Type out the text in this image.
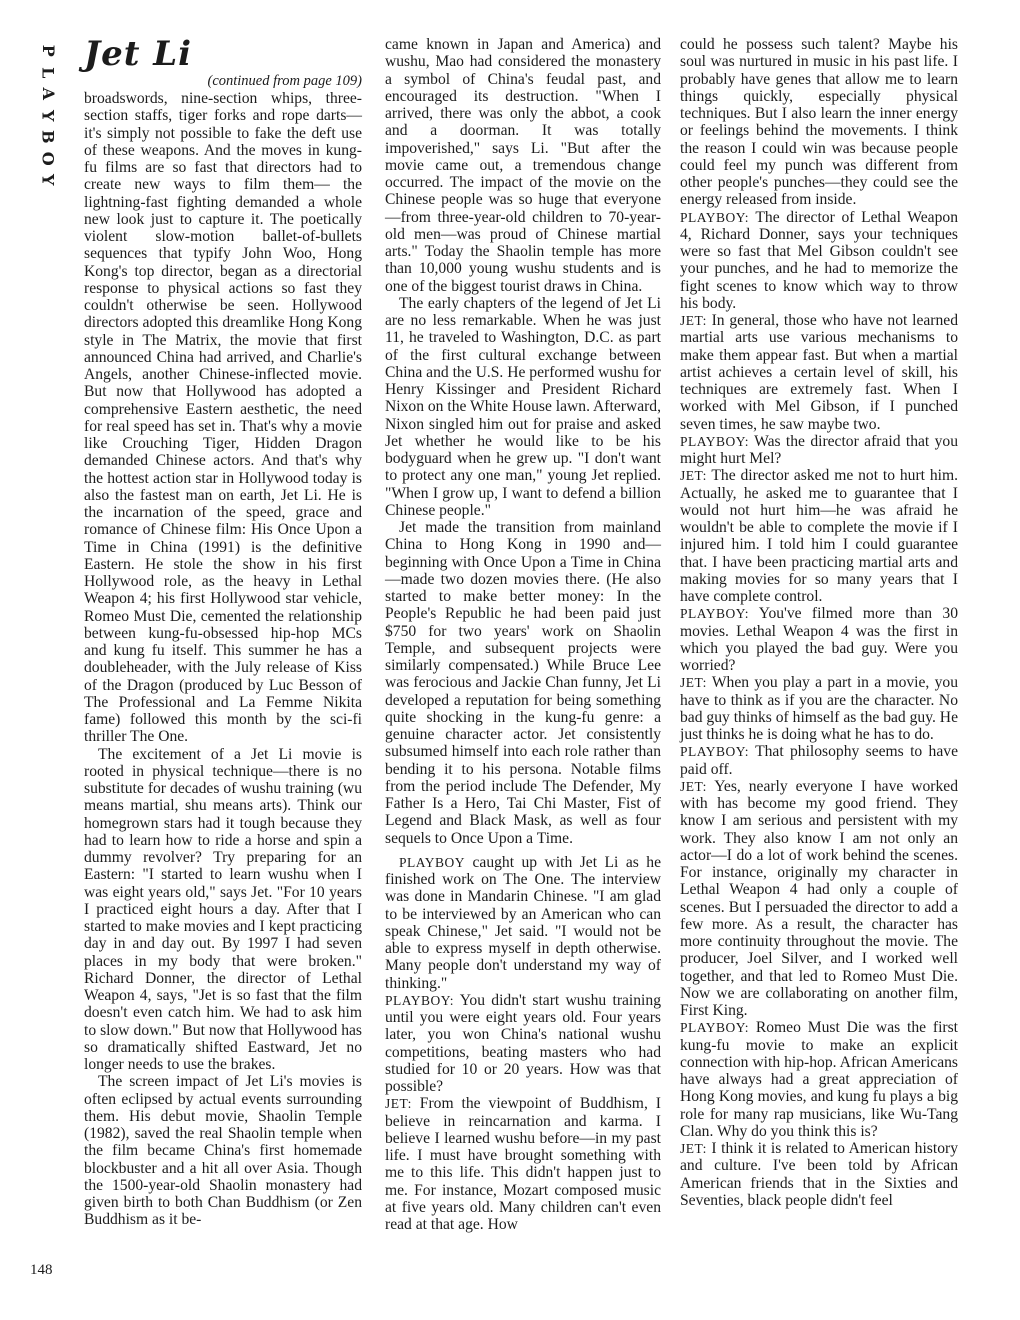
P
L
A
Y
B
O
Y
148
Jet Li
(continued from page 109)

broadswords, nine-section whips, three-section staffs, tiger forks and rope darts— it's simply not possible to fake the deft use of these weapons. And the moves in kung-fu films are so fast that directors had to create new ways to film them— the lightning-fast fighting demanded a whole new look just to capture it. The poetically violent slow-motion ballet-of-bullets sequences that typify John Woo, Hong Kong's top director, began as a directorial response to physical actions so fast they couldn't otherwise be seen. Hollywood directors adopted this dreamlike Hong Kong style in The Matrix, the movie that first announced China had arrived, and Charlie's Angels, another Chinese-inflected movie. But now that Hollywood has adopted a comprehensive Eastern aesthetic, the need for real speed has set in. That's why a movie like Crouching Tiger, Hidden Dragon demanded Chinese actors. And that's why the hottest action star in Hollywood today is also the fastest man on earth, Jet Li. He is the incarnation of the speed, grace and romance of Chinese film: His Once Upon a Time in China (1991) is the definitive Eastern. He stole the show in his first Hollywood role, as the heavy in Lethal Weapon 4; his first Hollywood star vehicle, Romeo Must Die, cemented the relationship between kung-fu-obsessed hip-hop MCs and kung fu itself. This summer he has a doubleheader, with the July release of Kiss of the Dragon (produced by Luc Besson of The Professional and La Femme Nikita fame) followed this month by the sci-fi thriller The One.

The excitement of a Jet Li movie is rooted in physical technique—there is no substitute for decades of wushu training (wu means martial, shu means arts). Think our homegrown stars had it tough because they had to learn how to ride a horse and spin a dummy revolver? Try preparing for an Eastern: "I started to learn wushu when I was eight years old," says Jet. "For 10 years I practiced eight hours a day. After that I started to make movies and I kept practicing day in and day out. By 1997 I had seven places in my body that were broken." Richard Donner, the director of Lethal Weapon 4, says, "Jet is so fast that the film doesn't even catch him. We had to ask him to slow down." But now that Hollywood has so dramatically shifted Eastward, Jet no longer needs to use the brakes.

The screen impact of Jet Li's movies is often eclipsed by actual events surrounding them. His debut movie, Shaolin Temple (1982), saved the real Shaolin temple when the film became China's first homemade blockbuster and a hit all over Asia. Though the 1500-year-old Shaolin monastery had given birth to both Chan Buddhism (or Zen Buddhism as it be-

came known in Japan and America) and wushu, Mao had considered the monastery a symbol of China's feudal past, and encouraged its destruction. "When I arrived, there was only the abbot, a cook and a doorman. It was totally impoverished," says Li. "But after the movie came out, a tremendous change occurred. The impact of the movie on the Chinese people was so huge that everyone—from three-year-old children to 70-year-old men—was proud of Chinese martial arts." Today the Shaolin temple has more than 10,000 young wushu students and is one of the biggest tourist draws in China.

The early chapters of the legend of Jet Li are no less remarkable. When he was just 11, he traveled to Washington, D.C. as part of the first cultural exchange between China and the U.S. He performed wushu for Henry Kissinger and President Richard Nixon on the White House lawn. Afterward, Nixon singled him out for praise and asked Jet whether he would like to be his bodyguard when he grew up. "I don't want to protect any one man," young Jet replied. "When I grow up, I want to defend a billion Chinese people."

Jet made the transition from mainland China to Hong Kong in 1990 and—beginning with Once Upon a Time in China—made two dozen movies there. (He also started to make better money: In the People's Republic he had been paid just $750 for two years' work on Shaolin Temple, and subsequent projects were similarly compensated.) While Bruce Lee was ferocious and Jackie Chan funny, Jet Li developed a reputation for being something quite shocking in the kung-fu genre: a genuine character actor. Jet consistently subsumed himself into each role rather than bending it to his persona. Notable films from the period include The Defender, My Father Is a Hero, Tai Chi Master, Fist of Legend and Black Mask, as well as four sequels to Once Upon a Time.

PLAYBOY caught up with Jet Li as he finished work on The One. The interview was done in Mandarin Chinese. "I am glad to be interviewed by an American who can speak Chinese," Jet said. "I would not be able to express myself in depth otherwise. Many people don't understand my way of thinking."

PLAYBOY: You didn't start wushu training until you were eight years old. Four years later, you won China's national wushu competitions, beating masters who had studied for 10 or 20 years. How was that possible?

JET: From the viewpoint of Buddhism, I believe in reincarnation and karma. I believe I learned wushu before—in my past life. I must have brought something with me to this life. This didn't happen just to me. For instance, Mozart composed music at five years old. Many children can't even read at that age. How

could he possess such talent? Maybe his soul was nurtured in music in his past life. I probably have genes that allow me to learn things quickly, especially physical techniques. But I also learn the inner energy or feelings behind the movements. I think the reason I could win was because people could feel my punch was different from other people's punches—they could see the energy released from inside.

PLAYBOY: The director of Lethal Weapon 4, Richard Donner, says your techniques were so fast that Mel Gibson couldn't see your punches, and he had to memorize the fight scenes to know which way to throw his body.

JET: In general, those who have not learned martial arts use various mechanisms to make them appear fast. But when a martial artist achieves a certain level of skill, his techniques are extremely fast. When I worked with Mel Gibson, if I punched seven times, he saw maybe two.

PLAYBOY: Was the director afraid that you might hurt Mel?

JET: The director asked me not to hurt him. Actually, he asked me to guarantee that I would not hurt him—he was afraid he wouldn't be able to complete the movie if I injured him. I told him I could guarantee that. I have been practicing martial arts and making movies for so many years that I have complete control.

PLAYBOY: You've filmed more than 30 movies. Lethal Weapon 4 was the first in which you played the bad guy. Were you worried?

JET: When you play a part in a movie, you have to think as if you are the character. No bad guy thinks of himself as the bad guy. He just thinks he is doing what he has to do.

PLAYBOY: That philosophy seems to have paid off.

JET: Yes, nearly everyone I have worked with has become my good friend. They know I am serious and persistent with my work. They also know I am not only an actor—I do a lot of work behind the scenes. For instance, originally my character in Lethal Weapon 4 had only a couple of scenes. But I persuaded the director to add a few more. As a result, the character has more continuity throughout the movie. The producer, Joel Silver, and I worked well together, and that led to Romeo Must Die. Now we are collaborating on another film, First King.

PLAYBOY: Romeo Must Die was the first kung-fu movie to make an explicit connection with hip-hop. African Americans have always had a great appreciation of Hong Kong movies, and kung fu plays a big role for many rap musicians, like Wu-Tang Clan. Why do you think this is?

JET: I think it is related to American history and culture. I've been told by African American friends that in the Sixties and Seventies, black people didn't feel
